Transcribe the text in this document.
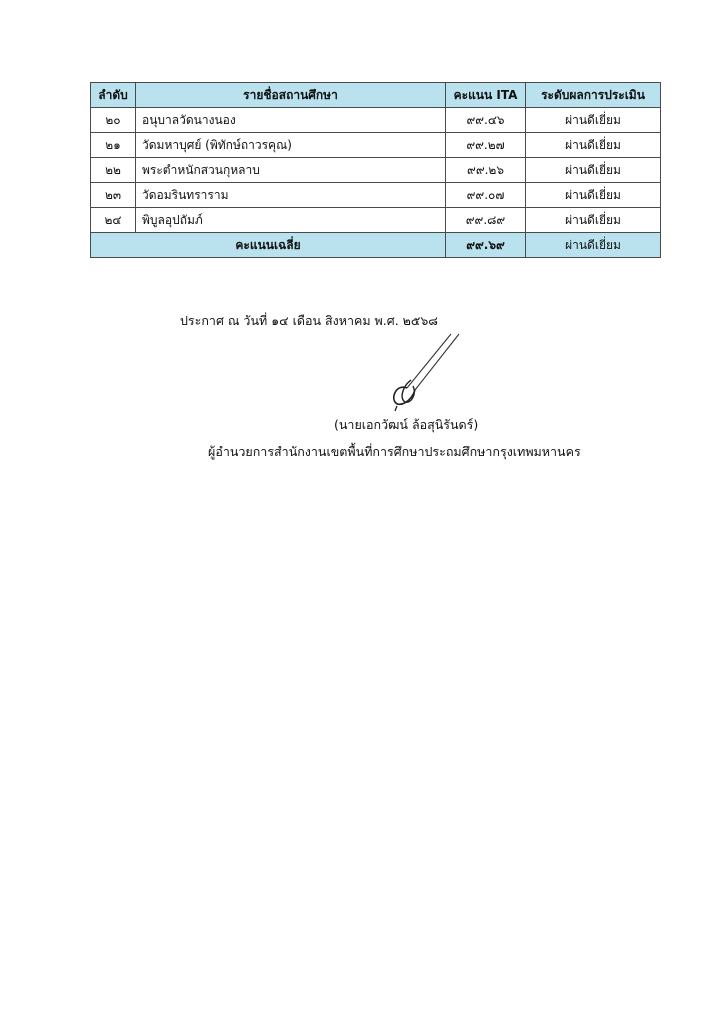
ลำดับ	รายชื่อสถานศึกษา	คะแนน ITA	ระดับผลการประเมิน
๒๐	อนุบาลวัดนางนอง	๙๙.๔๖	ผ่านดีเยี่ยม
๒๑	วัดมหาบุศย์ (พิทักษ์ถาวรคุณ)	๙๙.๒๗	ผ่านดีเยี่ยม
๒๒	พระตำหนักสวนกุหลาบ	๙๙.๒๖	ผ่านดีเยี่ยม
๒๓	วัดอมรินทราราม	๙๙.๐๗	ผ่านดีเยี่ยม
๒๔	พิบูลอุปถัมภ์	๙๙.๘๙	ผ่านดีเยี่ยม
คะแนนเฉลี่ย		๙๙.๖๙	ผ่านดีเยี่ยม
ประกาศ ณ วันที่ ๑๔ เดือน สิงหาคม พ.ศ. ๒๕๖๘
(นายเอกวัฒน์ ล้อสุนิรันดร์)
ผู้อำนวยการสำนักงานเขตพื้นที่การศึกษาประถมศึกษากรุงเทพมหานคร
